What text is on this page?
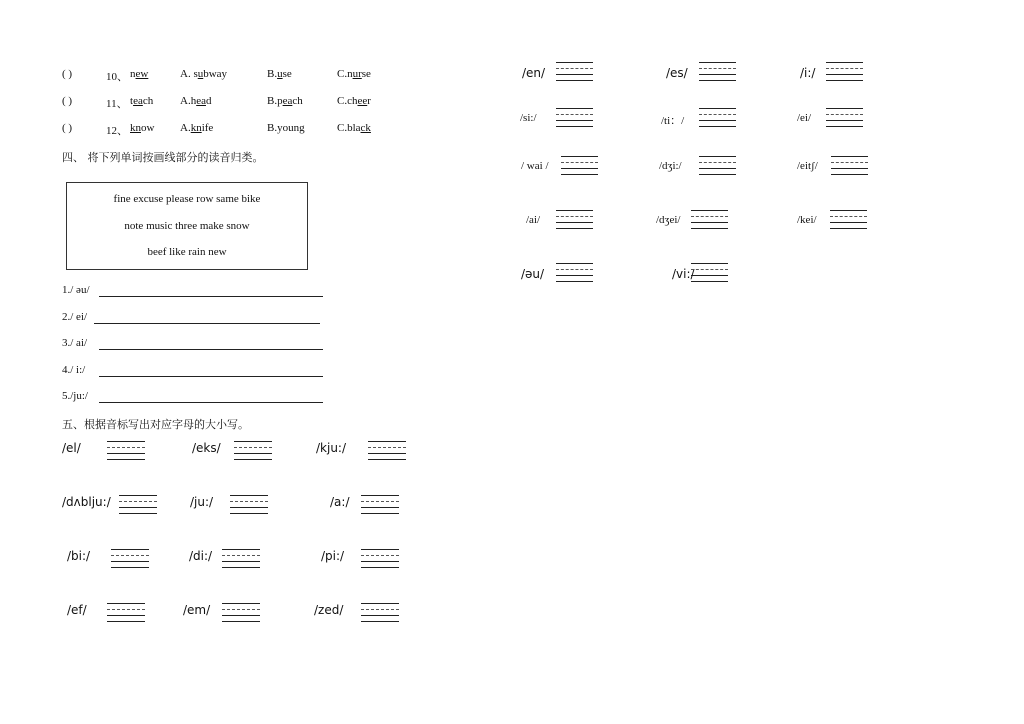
( )	10、 new	A. subway	B.use	C.nurse
( )	11、 teach A.head	B.peach	C.cheer
( )	12、 know A.knife	B.young	C.black
四、 将下列单词按画线部分的读音归类。
fine excuse please row same bike
note music three make snow
beef like rain new
1./ əu/
2./ ei/
3./ ai/
4./ i:/
5./ju:/
五、根据音标写出对应字母的大小写。
/el/	/eks/	/kju:/
/dʌblju:/	/ju:/	/a:/
/bi:/	/di:/	/pi:/
/ef/	/em/	/zed/
/en/	/es/	/i:/
/si:/	/ti：/	/ei/
/ wai /	/dʒi:/	/eitʃ/
/ai/	/dʒei/	/kei/
/əu/	/vi:/
